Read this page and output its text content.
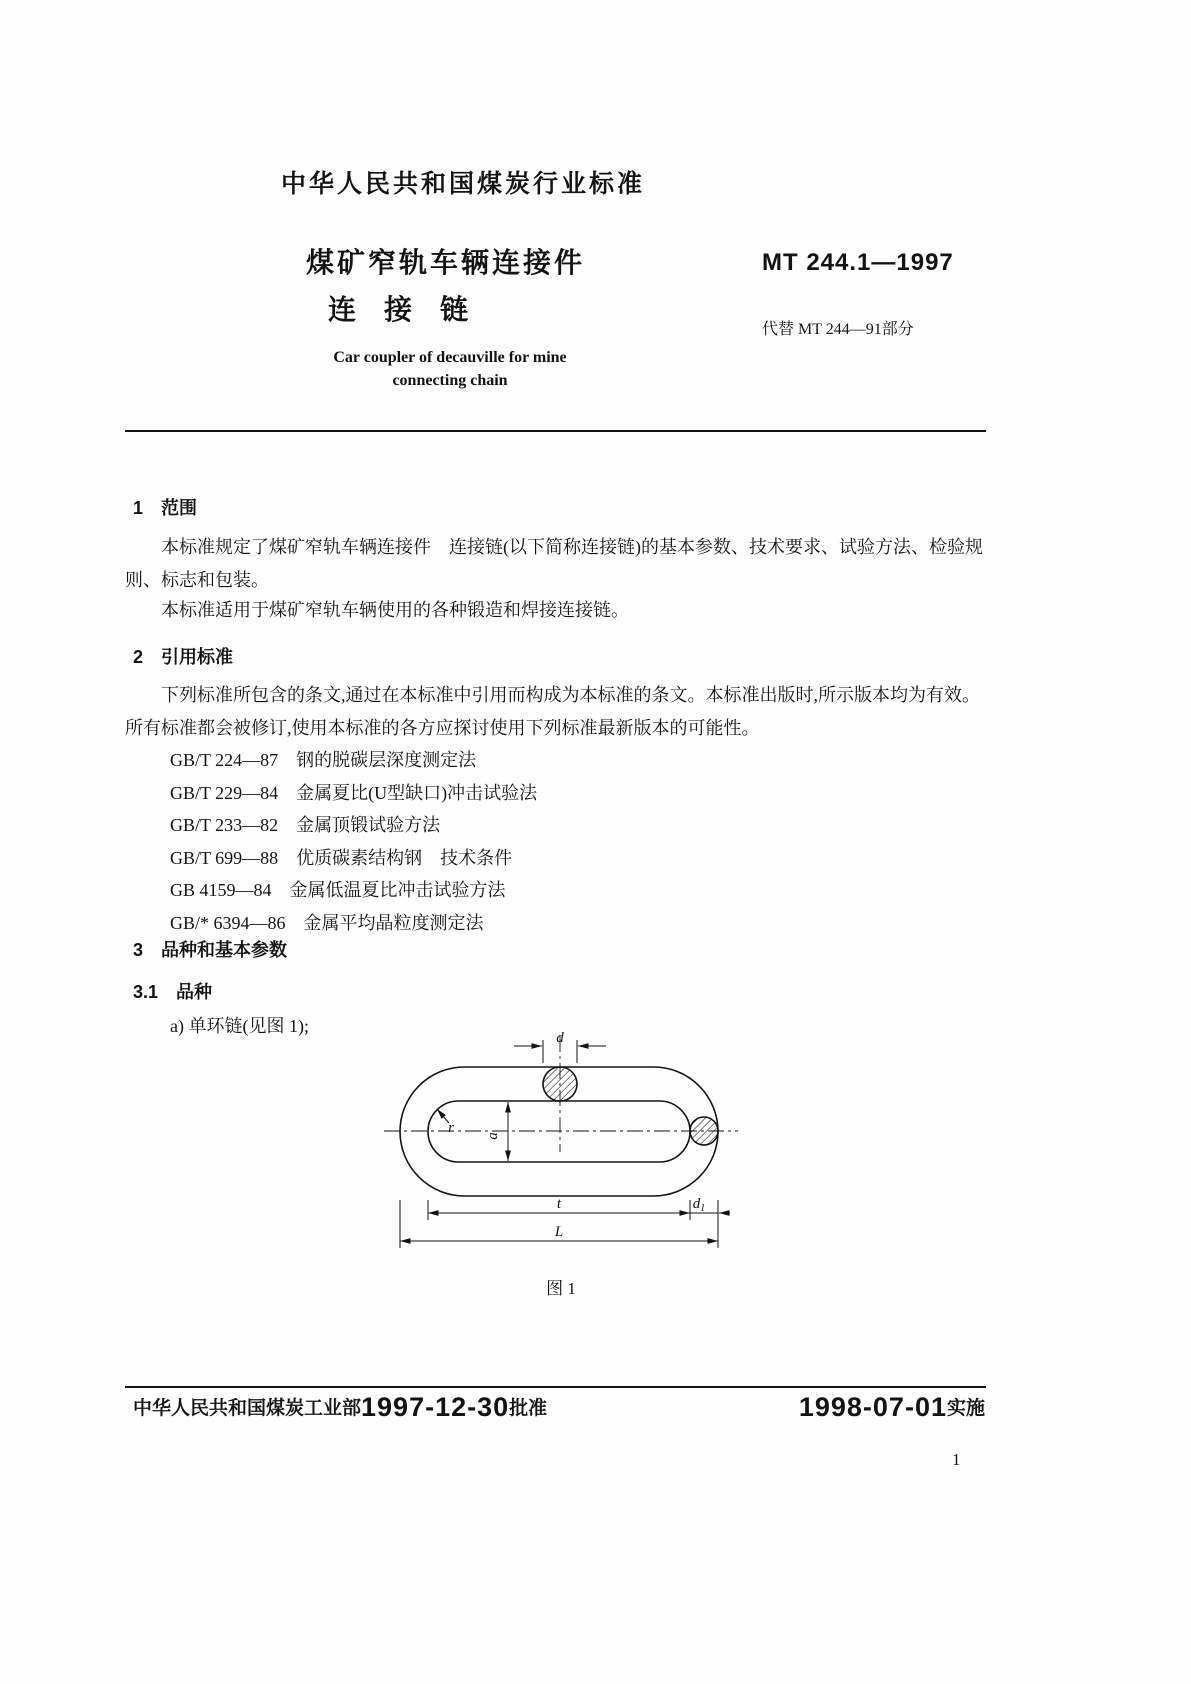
中华人民共和国煤炭行业标准
煤矿窄轨车辆连接件
连　接　链
Car coupler of decauville for mine
connecting chain
MT 244.1—1997
代替 MT 244—91部分
1　范围
本标准规定了煤矿窄轨车辆连接件　连接链(以下简称连接链)的基本参数、技术要求、试验方法、检验规则、标志和包装。
本标准适用于煤矿窄轨车辆使用的各种锻造和焊接连接链。
2　引用标准
下列标准所包含的条文,通过在本标准中引用而构成为本标准的条文。本标准出版时,所示版本均为有效。所有标准都会被修订,使用本标准的各方应探讨使用下列标准最新版本的可能性。
GB/T 224—87　钢的脱碳层深度测定法
GB/T 229—84　金属夏比(U型缺口)冲击试验法
GB/T 233—82　金属顶锻试验方法
GB/T 699—88　优质碳素结构钢　技术条件
GB 4159—84　金属低温夏比冲击试验方法
GB/* 6394—86　金属平均晶粒度测定法
3　品种和基本参数
3.1　品种
a) 单环链(见图 1);
d
a
r
t	$d_1$
L
图 1
中华人民共和国煤炭工业部1997-12-30批准	1998-07-01实施
1
